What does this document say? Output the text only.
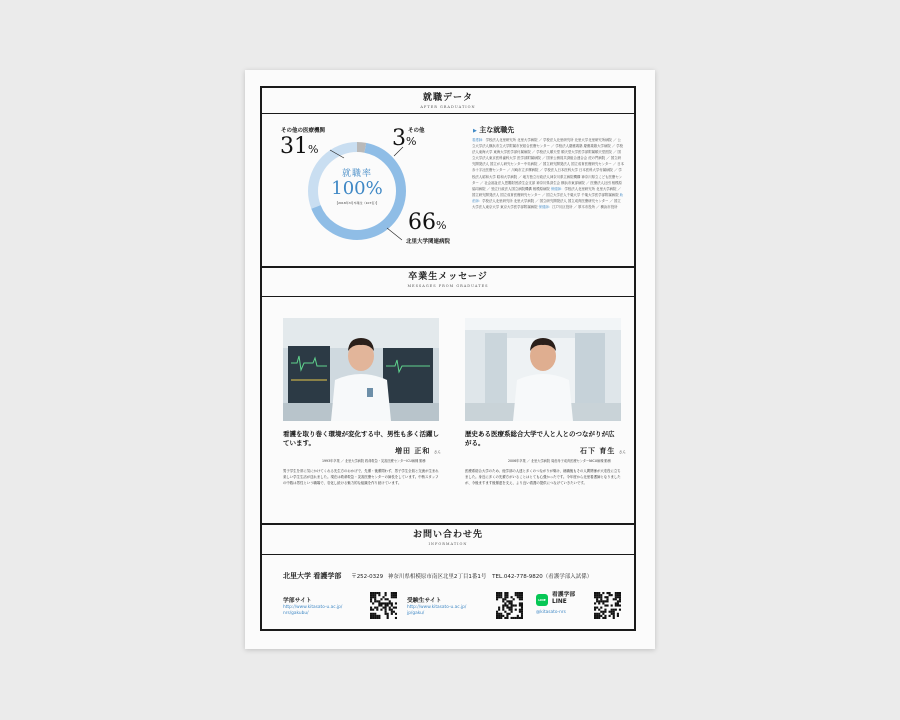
就職データ
AFTER GRADUATION
その他の医療機関
31%
その他
3%
66%
北里大学関連病院
就職率
100%
【2018年3月卒業生（107名）】
▶ 主な就職先
看護師：学校法人北里研究所 北里大学病院 ／ 学校法人北里研究所 北里大学北里研究所病院 ／ 公立大学法人横浜市立大学附属市民総合医療センター ／ 学校法人慶應義塾 慶應義塾大学病院 ／ 学校法人東海大学 東海大学医学部付属病院 ／ 学校法人順天堂 順天堂大学医学部附属順天堂医院 ／ 国立大学法人東京医科歯科大学 医学部附属病院 ／ 国家公務員共済組合連合会 虎の門病院 ／ 国立研究開発法人 国立がん研究センター中央病院 ／ 国立研究開発法人 国立成育医療研究センター ／ 日本赤十字社医療センター ／ 川崎市立多摩病院 ／ 学校法人日本医科大学 日本医科大学付属病院 ／ 学校法人昭和大学 昭和大学病院 ／ 地方独立行政法人神奈川県立病院機構 神奈川県立こども医療センター ／ 社会福祉法人恩賜財団済生会支部 神奈川県済生会 横浜市東部病院 ／ 医療法人社団 相模原協同病院 ／ 独立行政法人国立病院機構 相模原病院 保健師：学校法人北里研究所 北里大学病院 ／ 国立研究開発法人 国立成育医療研究センター ／ 国立大学法人千葉大学 千葉大学医学部附属病院 助産師：学校法人北里研究所 北里大学病院 ／ 国立研究開発法人 国立成育医療研究センター ／ 国立大学法人東京大学 東京大学医学部附属病院 保健師：江戸川区役所 ／ 厚木市役所 ／ 横浜市役所
卒業生メッセージ
MESSAGES FROM GRADUATES
看護を取り巻く環境が変化する中、男性も多く活躍しています。
増田 正和 さん
1993年卒業 ／ 北里大学病院 救命救急・災害医療センターICU病棟 勤務
男子学生を常に気にかけてくれる先生方のおかげで、先輩・後輩問わず、男子学生全員と交流が生まれ楽しい学生生活が送れました。現在は救命救急・災害医療センターの師長をしています。中核スタッフの中数は男性という職場で、変化し続ける魅力的な組織を作り続けています。
歴史ある医療系総合大学で人と人とのつながりが広がる。
石下 育生 さん
2006年卒業 ／ 北里大学病院 周産母子成育医療センターNICU病棟 勤務
医療系総合大学のため、他学部の人達と多くのつながりが築け、就職後もその人間関係が大変役に立ちました。身近に多くの先輩方がいることはとても心強かったです。今年度から北里看護師となりましたが、今後ますます後輩達を支え、より良い看護の提供につなげていきたいです。
お問い合わせ先
INFORMATION
北里大学 看護学部 〒252-0329 神奈川県相模原市南区北里2丁目1番1号 TEL.042-778-9820（看護学部入試係）
学部サイト
http://www.kitasato-u.ac.jp/
nrs/gakubu/
受験生サイト
http://www.kitasato-u.ac.jp/
jp/gaku/
LINE
看護学部
LINE
@kitasato-nrs
